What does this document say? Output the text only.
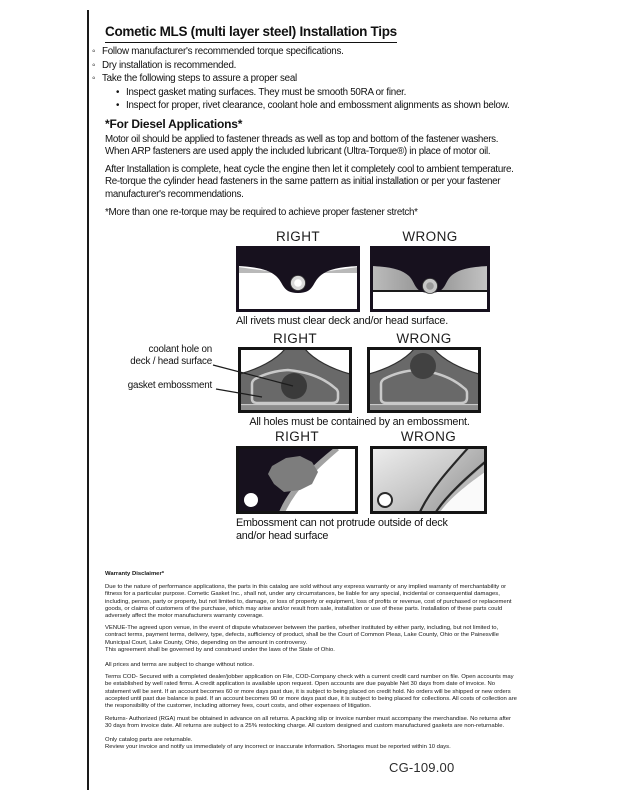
Cometic MLS (multi layer steel) Installation Tips
◦ Follow manufacturer's recommended torque specifications.
◦ Dry installation is recommended.
◦ Take the following steps to assure a proper seal
• Inspect gasket mating surfaces. They must be smooth 50RA or finer.
• Inspect for proper, rivet clearance, coolant hole and embossment alignments as shown below.
*For Diesel Applications*
Motor oil should be applied to fastener threads as well as top and bottom of the fastener washers. When ARP fasteners are used apply the included lubricant (Ultra-Torque®) in place of motor oil.
After Installation is complete, heat cycle the engine then let it completely cool to ambient temperature. Re-torque the cylinder head fasteners in the same pattern as initial installation or per your fastener manufacturer's recommendations.
*More than one re-torque may be required to achieve proper fastener stretch*
RIGHT	WRONG
All rivets must clear deck and/or head surface.
coolant hole on
deck / head surface
gasket embossment
RIGHT	WRONG
All holes must be contained by an embossment.
RIGHT	WRONG
Embossment can not protrude outside of deck
and/or head surface
Warranty Disclaimer*
Due to the nature of performance applications, the parts in this catalog are sold without any express warranty or any implied warranty of merchantability or fitness for a particular purpose. Cometic Gasket Inc., shall not, under any circumstances, be liable for any special, incidental or consequential damages, including, person, party or property, but not limited to, damage, or loss of property or equipment, loss of profits or revenue, cost of purchased or replacement goods, or claims of customers of the purchase, which may arise and/or result from sale, installation or use of these parts. Installation of these parts could adversely affect the motor manufacturers warranty coverage.
VENUE-The agreed upon venue, in the event of dispute whatsoever between the parties, whether instituted by either party, including, but not limited to, contract terms, payment terms, delivery, type, defects, sufficiency of product, shall be the Court of Common Pleas, Lake County, Ohio or the Painesville Municipal Court, Lake County, Ohio, depending on the amount in controversy.
This agreement shall be governed by and construed under the laws of the State of Ohio.
All prices and terms are subject to change without notice.
Terms COD- Secured with a completed dealer/jobber application on File, COD-Company check with a current credit card number on file. Open accounts may be established by well rated firms. A credit application is available upon request. Open accounts are due payable Net 30 days from date of invoice. No statement will be sent. If an account becomes 60 or more days past due, it is subject to being placed on credit hold. No orders will be shipped or new orders accepted until past due balance is paid. If an account becomes 90 or more days past due, it is subject to being placed for collections. All costs of collection are the responsibility of the customer, including attorney fees, court costs, and other expenses of litigation.
Returns- Authorized (RGA) must be obtained in advance on all returns. A packing slip or invoice number must accompany the merchandise. No returns after 30 days from invoice date. All returns are subject to a 25% restocking charge. All custom designed and custom manufactured gaskets are non-returnable.
Only catalog parts are returnable.
Review your invoice and notify us immediately of any incorrect or inaccurate information. Shortages must be reported within 10 days.
CG-109.00
